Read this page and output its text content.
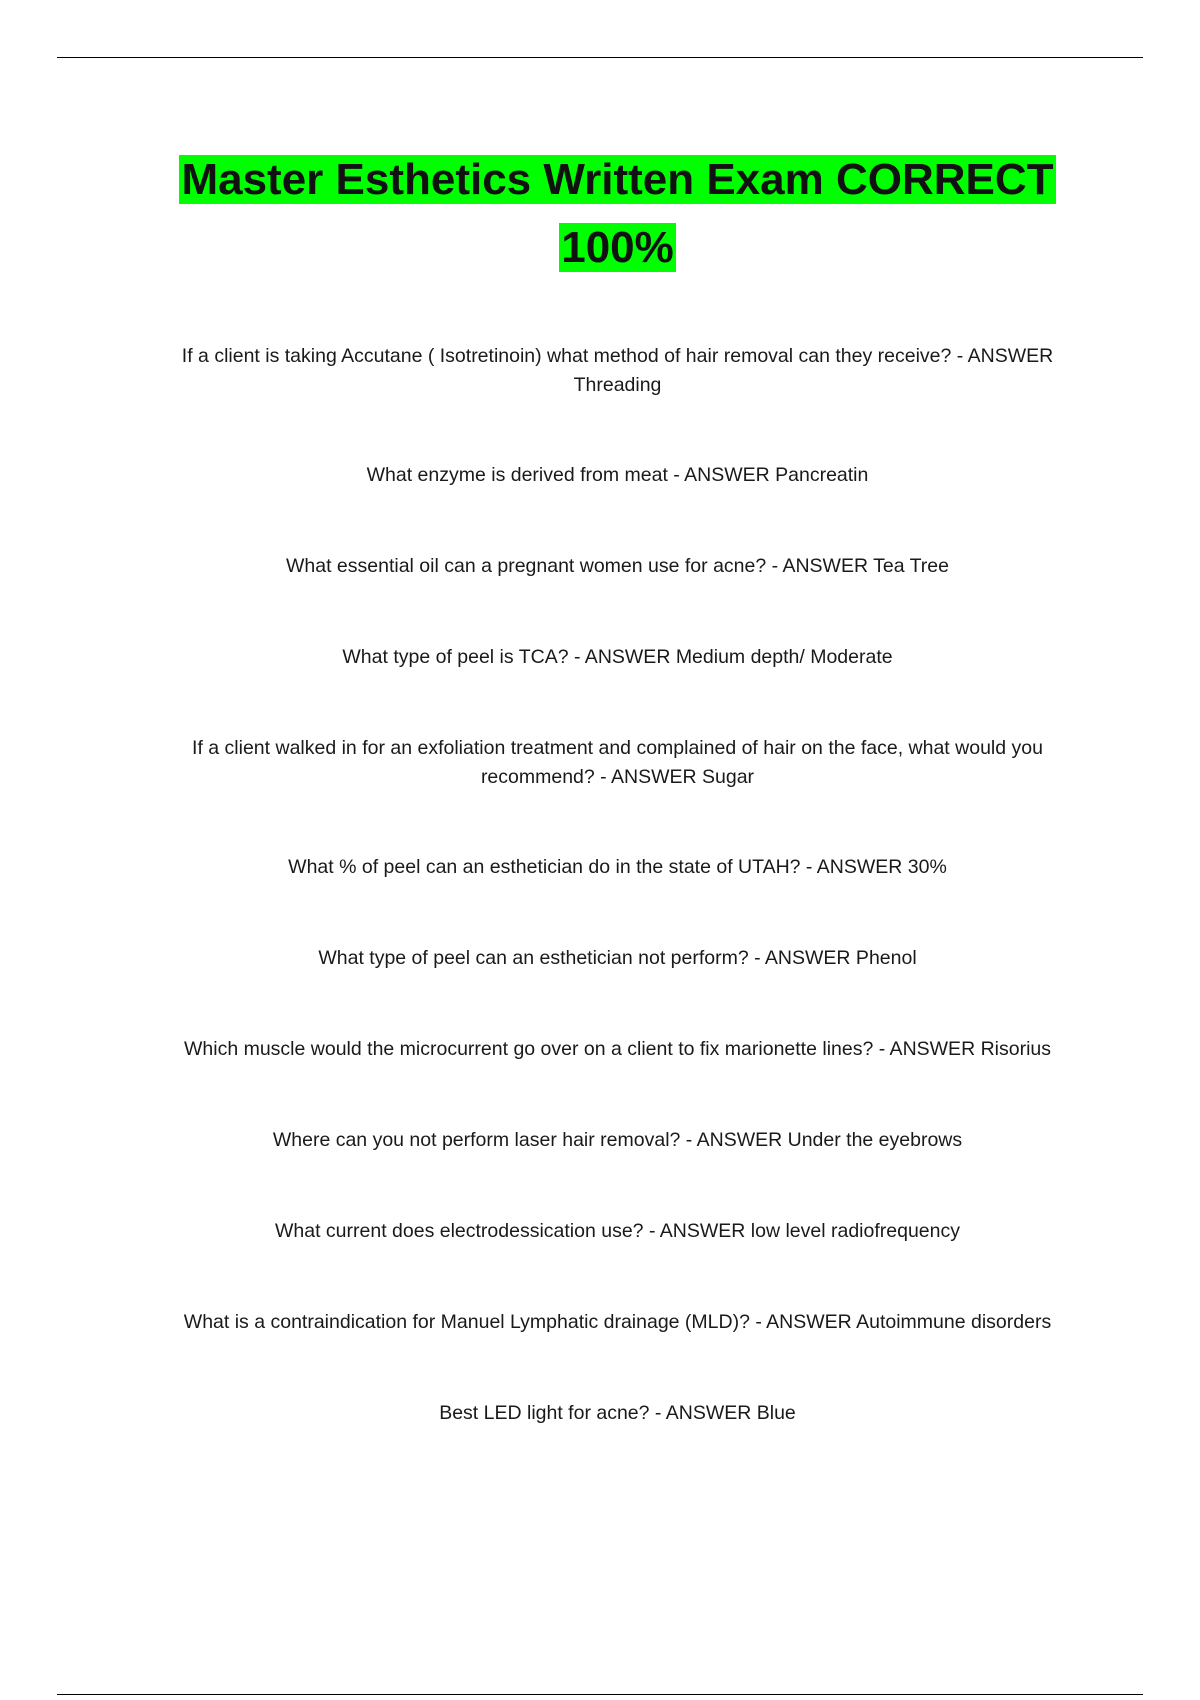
Master Esthetics Written Exam CORRECT 100%
If a client is taking Accutane ( Isotretinoin) what method of hair removal can they receive? - ANSWER Threading
What enzyme is derived from meat - ANSWER Pancreatin
What essential oil can a pregnant women use for acne? - ANSWER Tea Tree
What type of peel is TCA? - ANSWER Medium depth/ Moderate
If a client walked in for an exfoliation treatment and complained of hair on the face, what would you recommend? - ANSWER Sugar
What % of peel can an esthetician do in the state of UTAH? - ANSWER 30%
What type of peel can an esthetician not perform? - ANSWER Phenol
Which muscle would the microcurrent go over on a client to fix marionette lines? - ANSWER Risorius
Where can you not perform laser hair removal? - ANSWER Under the eyebrows
What current does electrodessication use? - ANSWER low level radiofrequency
What is a contraindication for Manuel Lymphatic drainage (MLD)? - ANSWER Autoimmune disorders
Best LED light for acne? - ANSWER Blue
